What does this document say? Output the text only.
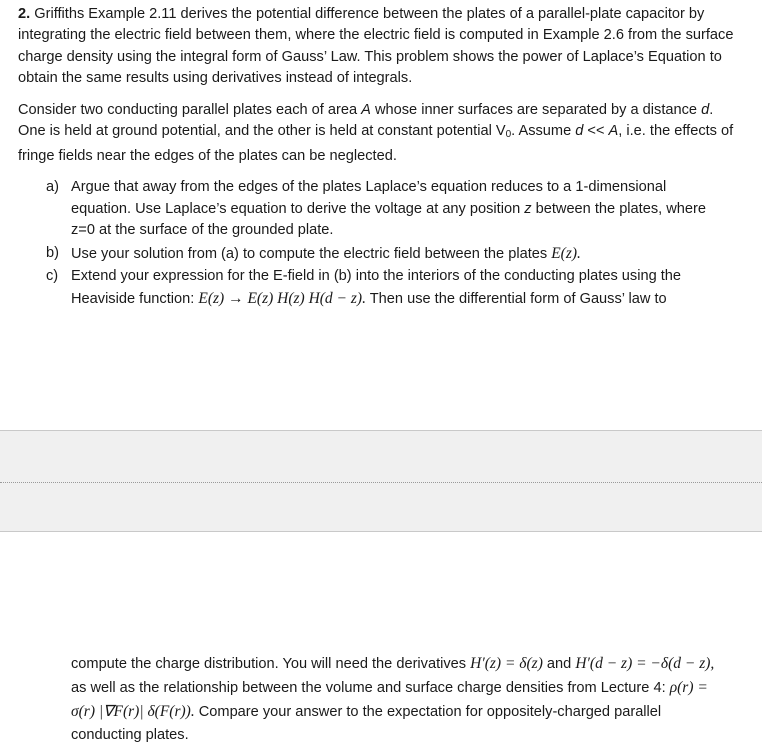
2. Griffiths Example 2.11 derives the potential difference between the plates of a parallel-plate capacitor by integrating the electric field between them, where the electric field is computed in Example 2.6 from the surface charge density using the integral form of Gauss’ Law. This problem shows the power of Laplace’s Equation to obtain the same results using derivatives instead of integrals.
Consider two conducting parallel plates each of area A whose inner surfaces are separated by a distance d. One is held at ground potential, and the other is held at constant potential $V_0$. Assume d << A, i.e. the effects of fringe fields near the edges of the plates can be neglected.
a) Argue that away from the edges of the plates Laplace’s equation reduces to a 1-dimensional equation. Use Laplace’s equation to derive the voltage at any position z between the plates, where z=0 at the surface of the grounded plate.
b) Use your solution from (a) to compute the electric field between the plates E(z).
c) Extend your expression for the E-field in (b) into the interiors of the conducting plates using the Heaviside function: E(z) → E(z) H(z) H(d − z). Then use the differential form of Gauss’ law to
compute the charge distribution. You will need the derivatives H′(z) = δ(z) and H′(d − z) = −δ(d − z), as well as the relationship between the volume and surface charge densities from Lecture 4: ρ(r) = σ(r) |∇F(r)| δ(F(r)). Compare your answer to the expectation for oppositely-charged parallel conducting plates.
